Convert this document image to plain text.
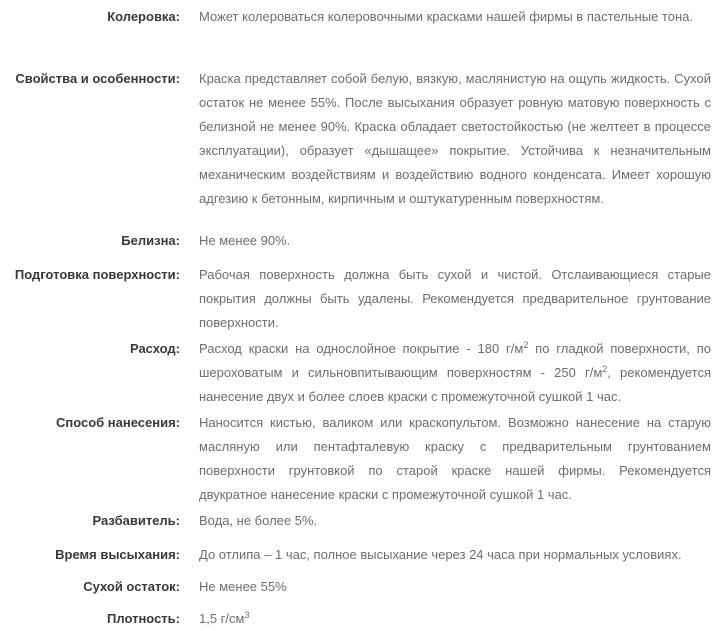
Колеровка: Может колероваться колеровочными красками нашей фирмы в пастельные тона.
Свойства и особенности: Краска представляет собой белую, вязкую, маслянистую на ощупь жидкость. Сухой остаток не менее 55%. После высыхания образует ровную матовую поверхность с белизной не менее 90%. Краска обладает светостойкостью (не желтеет в процессе эксплуатации), образует «дышащее» покрытие. Устойчива к незначительным механическим воздействиям и воздействию водного конденсата. Имеет хорошую адгезию к бетонным, кирпичным и оштукатуренным поверхностям.
Белизна: Не менее 90%.
Подготовка поверхности: Рабочая поверхность должна быть сухой и чистой. Отслаивающиеся старые покрытия должны быть удалены. Рекомендуется предварительное грунтование поверхности.
Расход: Расход краски на однослойное покрытие - 180 $г/м^2$ по гладкой поверхности, по шероховатым и сильновпитывающим поверхностям - 250 $г/м^2$, рекомендуется нанесение двух и более слоев краски с промежуточной сушкой 1 час.
Способ нанесения: Наносится кистью, валиком или краскопультом. Возможно нанесение на старую масляную или пентафталевую краску с предварительным грунтованием поверхности грунтовкой по старой краске нашей фирмы. Рекомендуется двукратное нанесение краски с промежуточной сушкой 1 час.
Разбавитель: Вода, не более 5%.
Время высыхания: До отлипа – 1 час, полное высыхание через 24 часа при нормальных условиях.
Сухой остаток: Не менее 55%
Плотность: 1,5 $г/см^3$
